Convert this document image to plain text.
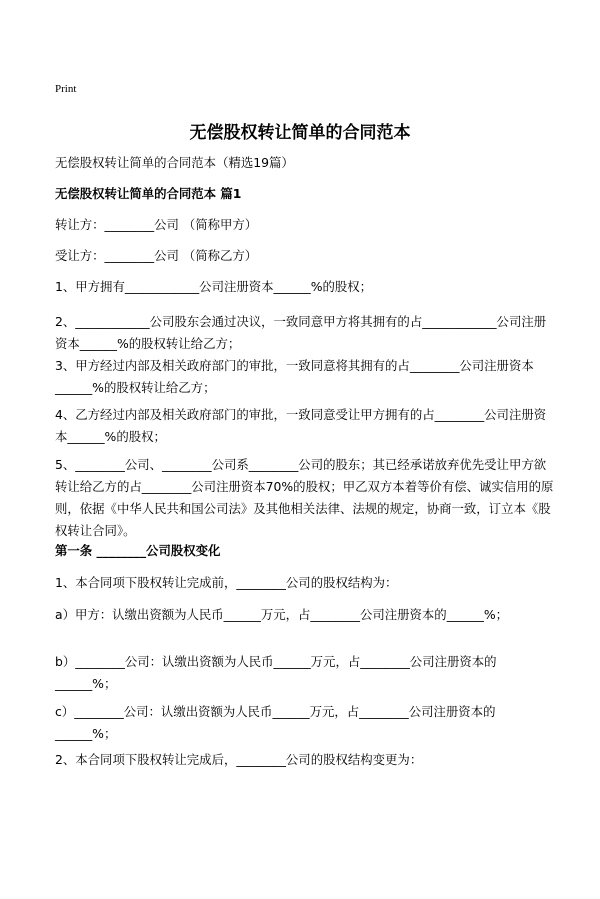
Print
无偿股权转让简单的合同范本

无偿股权转让简单的合同范本（精选19篇）

无偿股权转让简单的合同范本 篇1

转让方：________公司 （简称甲方）

受让方：________公司 （简称乙方）

1、甲方拥有____________公司注册资本______%的股权；

2、____________公司股东会通过决议，一致同意甲方将其拥有的占____________公司注册资本______%的股权转让给乙方；

3、甲方经过内部及相关政府部门的审批，一致同意将其拥有的占________公司注册资本______%的股权转让给乙方；

4、乙方经过内部及相关政府部门的审批，一致同意受让甲方拥有的占________公司注册资本______%的股权；

5、________公司、________公司系________公司的股东；其已经承诺放弃优先受让甲方欲转让给乙方的占________公司注册资本70%的股权；甲乙双方本着等价有偿、诚实信用的原则，依据《中华人民共和国公司法》及其他相关法律、法规的规定，协商一致，订立本《股权转让合同》。

第一条 ________公司股权变化

1、本合同项下股权转让完成前，________公司的股权结构为：

a）甲方：认缴出资额为人民币______万元，占________公司注册资本的______%；

b）________公司：认缴出资额为人民币______万元，占________公司注册资本的______%；

c）________公司：认缴出资额为人民币______万元，占________公司注册资本的______%；

2、本合同项下股权转让完成后，________公司的股权结构变更为：
